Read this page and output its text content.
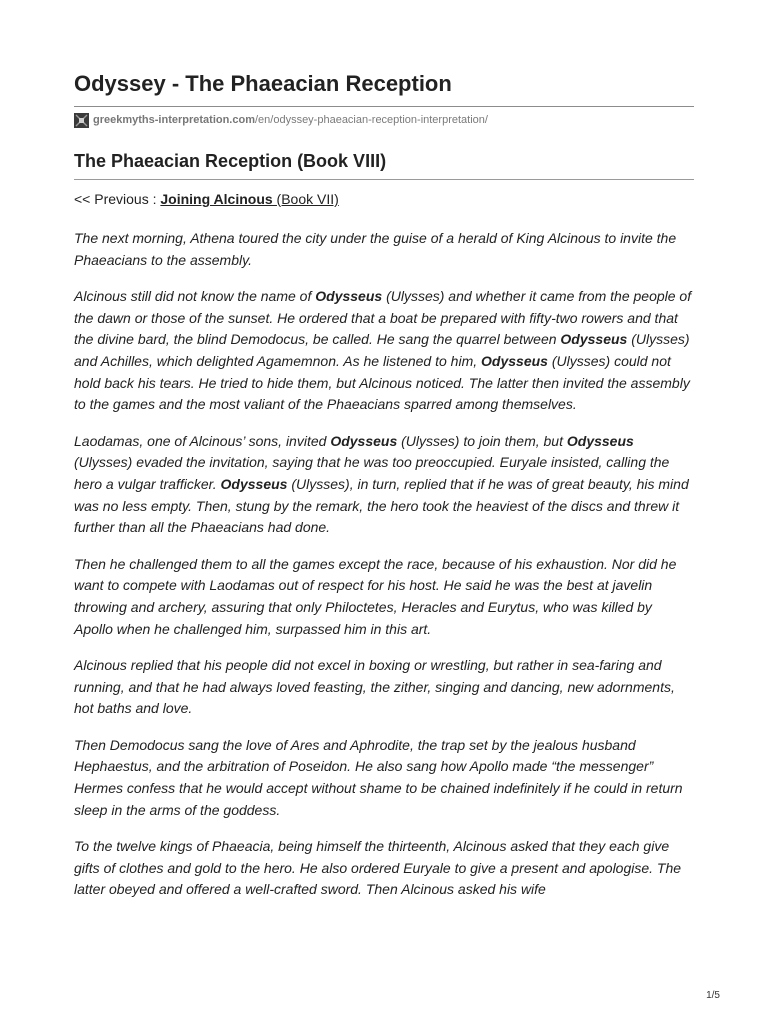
Odyssey - The Phaeacian Reception
greekmyths-interpretation.com /en/odyssey-phaeacian-reception-interpretation/
The Phaeacian Reception (Book VIII)
<< Previous : Joining Alcinous (Book VII)

The next morning, Athena toured the city under the guise of a herald of King Alcinous to invite the Phaeacians to the assembly.

Alcinous still did not know the name of Odysseus (Ulysses) and whether it came from the people of the dawn or those of the sunset. He ordered that a boat be prepared with fifty-two rowers and that the divine bard, the blind Demodocus, be called. He sang the quarrel between Odysseus (Ulysses) and Achilles, which delighted Agamemnon. As he listened to him, Odysseus (Ulysses) could not hold back his tears. He tried to hide them, but Alcinous noticed. The latter then invited the assembly to the games and the most valiant of the Phaeacians sparred among themselves.

Laodamas, one of Alcinous’ sons, invited Odysseus (Ulysses) to join them, but Odysseus (Ulysses) evaded the invitation, saying that he was too preoccupied. Euryale insisted, calling the hero a vulgar trafficker. Odysseus (Ulysses), in turn, replied that if he was of great beauty, his mind was no less empty. Then, stung by the remark, the hero took the heaviest of the discs and threw it further than all the Phaeacians had done.

Then he challenged them to all the games except the race, because of his exhaustion. Nor did he want to compete with Laodamas out of respect for his host. He said he was the best at javelin throwing and archery, assuring that only Philoctetes, Heracles and Eurytus, who was killed by Apollo when he challenged him, surpassed him in this art.

Alcinous replied that his people did not excel in boxing or wrestling, but rather in sea-faring and running, and that he had always loved feasting, the zither, singing and dancing, new adornments, hot baths and love.

Then Demodocus sang the love of Ares and Aphrodite, the trap set by the jealous husband Hephaestus, and the arbitration of Poseidon. He also sang how Apollo made “the messenger” Hermes confess that he would accept without shame to be chained indefinitely if he could in return sleep in the arms of the goddess.

To the twelve kings of Phaeacia, being himself the thirteenth, Alcinous asked that they each give gifts of clothes and gold to the hero. He also ordered Euryale to give a present and apologise. The latter obeyed and offered a well-crafted sword. Then Alcinous asked his wife

1/5
